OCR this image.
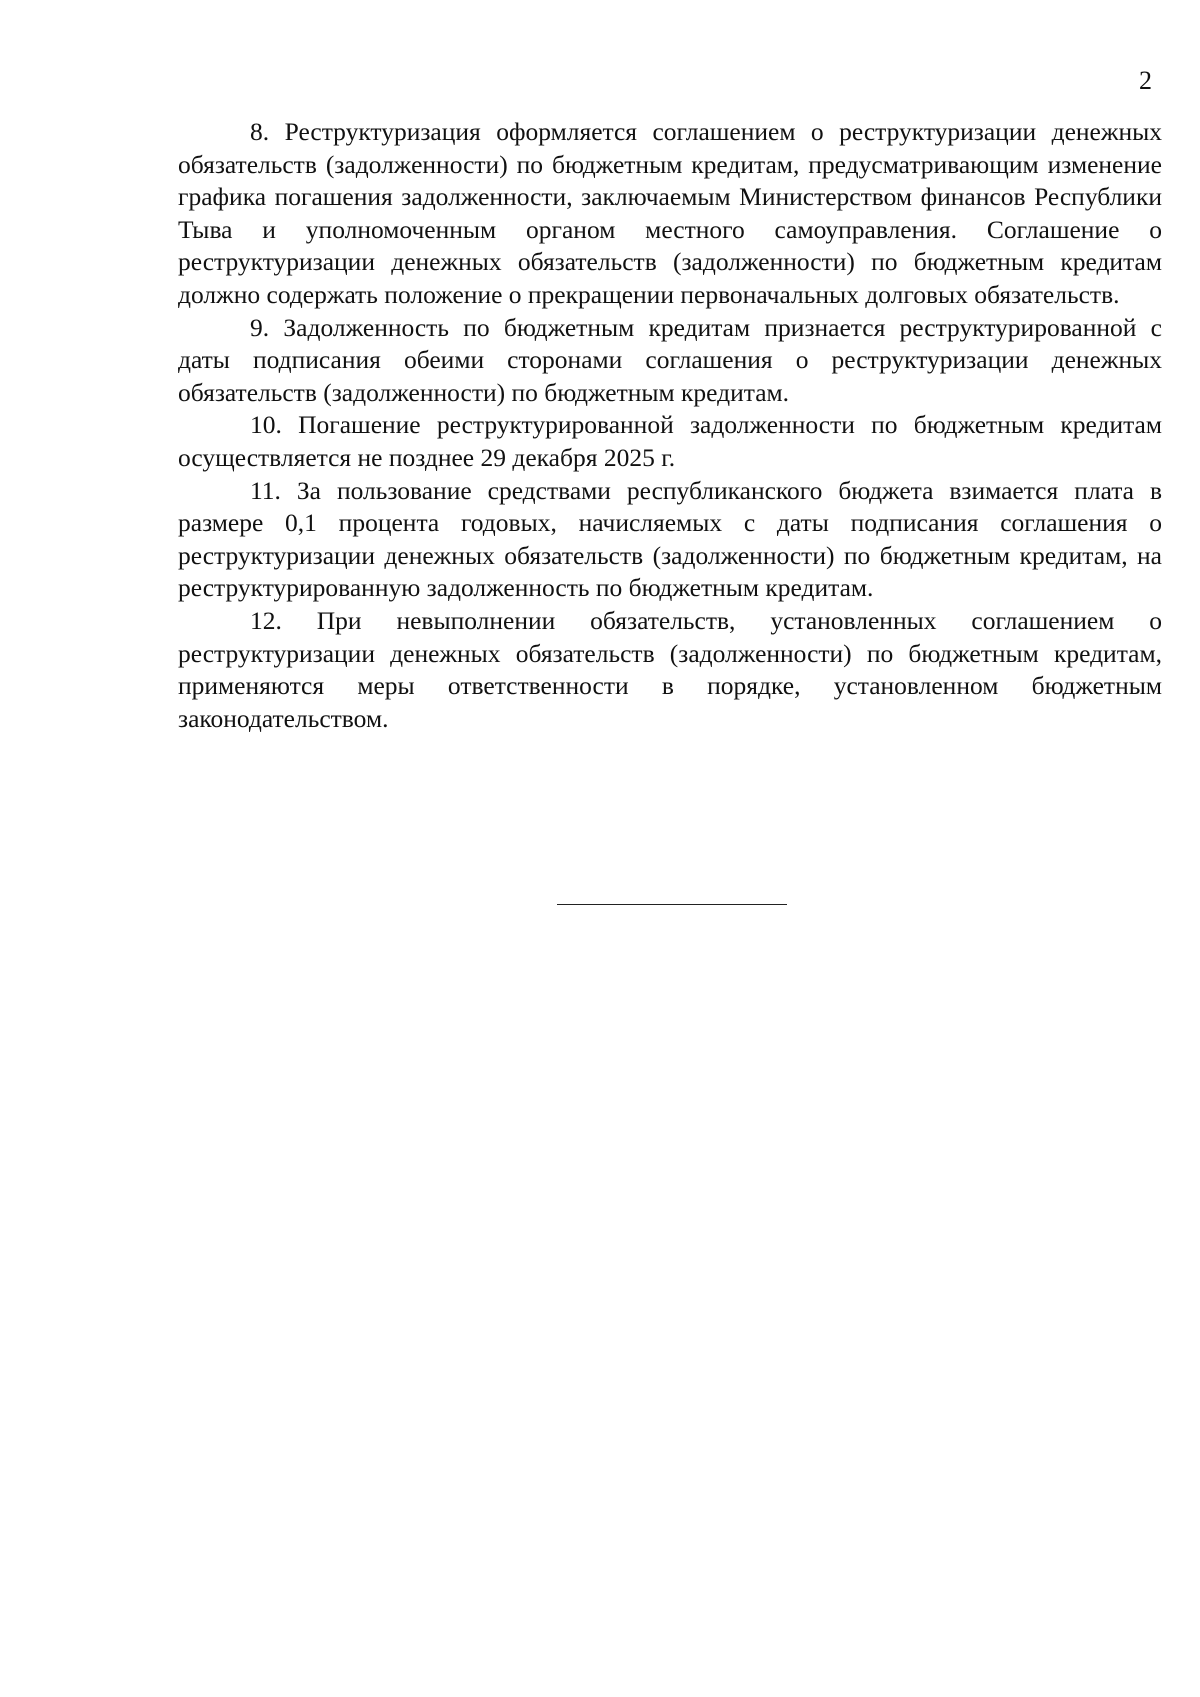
2

8. Реструктуризация оформляется соглашением о реструктуризации денежных обязательств (задолженности) по бюджетным кредитам, предусматривающим изменение графика погашения задолженности, заключаемым Министерством финансов Республики Тыва и уполномоченным органом местного самоуправления. Соглашение о реструктуризации денежных обязательств (задолженности) по бюджетным кредитам должно содержать положение о прекращении первоначальных долговых обязательств.

9. Задолженность по бюджетным кредитам признается реструктурированной с даты подписания обеими сторонами соглашения о реструктуризации денежных обязательств (задолженности) по бюджетным кредитам.

10. Погашение реструктурированной задолженности по бюджетным кредитам осуществляется не позднее 29 декабря 2025 г.

11. За пользование средствами республиканского бюджета взимается плата в размере 0,1 процента годовых, начисляемых с даты подписания соглашения о реструктуризации денежных обязательств (задолженности) по бюджетным кредитам, на реструктурированную задолженность по бюджетным кредитам.

12. При невыполнении обязательств, установленных соглашением о реструктуризации денежных обязательств (задолженности) по бюджетным кредитам, применяются меры ответственности в порядке, установленном бюджетным законодательством.
